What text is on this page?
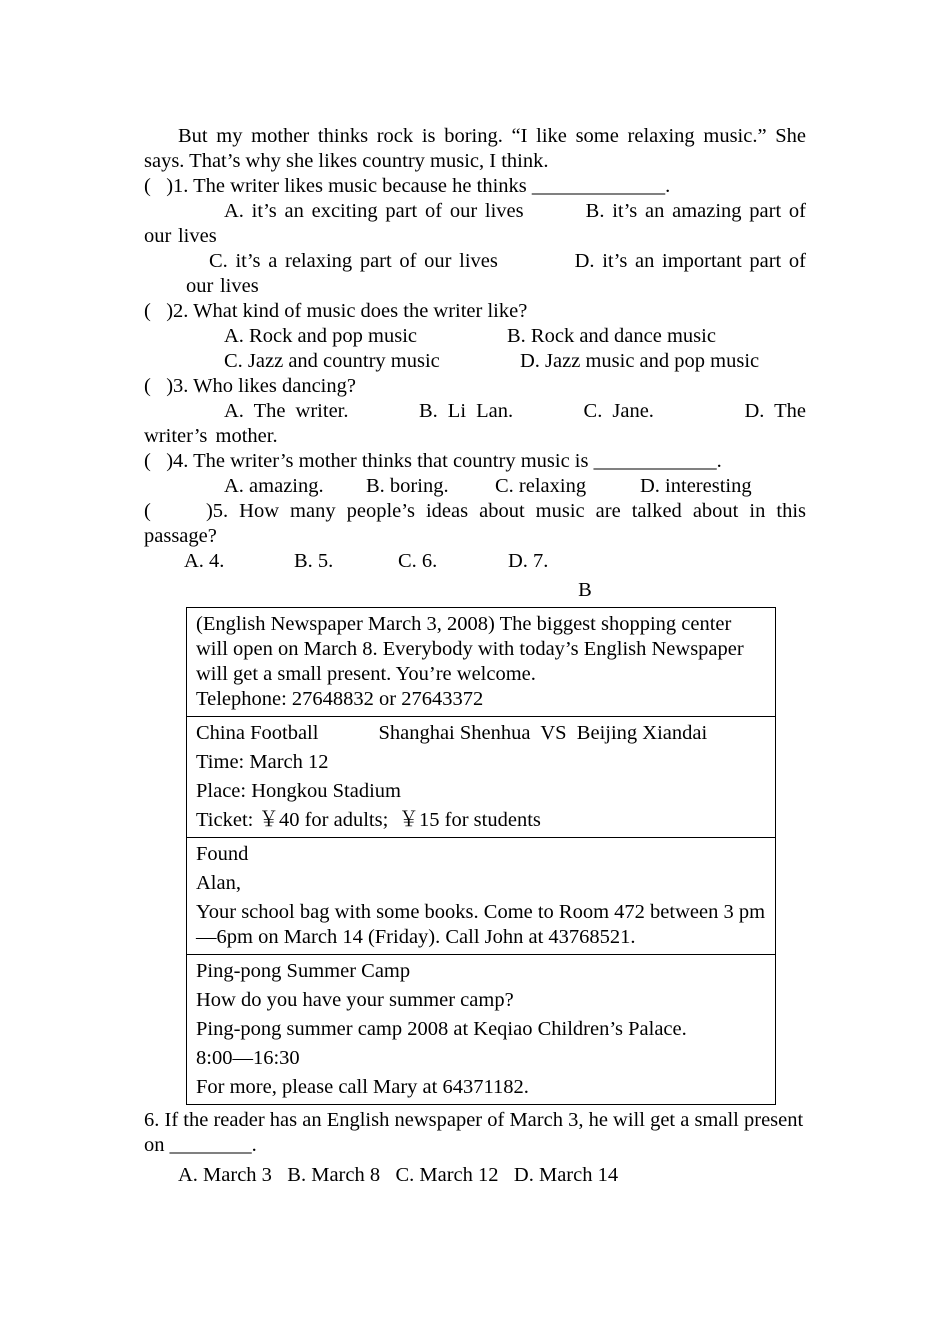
But my mother thinks rock is boring. “I like some relaxing music.” She says. That’s why she likes country music, I think.

(   )1. The writer likes music because he thinks _____________.

A. it’s an exciting part of our lives	B. it’s an amazing part of our lives

C. it’s a relaxing part of our lives	D. it’s an important part of our lives

(   )2. What kind of music does the writer like?

A. Rock and pop music	B. Rock and dance music
C. Jazz and country music	D. Jazz music and pop music

(   )3. Who likes dancing?

A. The writer.	B. Li Lan.	C. Jane.	D. The writer’s mother.

(   )4. The writer’s mother thinks that country music is ____________.

A. amazing.	B. boring.	C. relaxing	D. interesting

(     )5. How many people’s ideas about music are talked about in this passage?

A. 4.	B. 5.	C. 6.	D. 7.

B

(English Newspaper March 3, 2008) The biggest shopping center will open on March 8. Everybody with today’s English Newspaper will get a small present. You’re welcome.

Telephone: 27648832 or 27643372

China Football	Shanghai Shenhua  VS  Beijing Xiandai

Time: March 12

Place: Hongkou Stadium

Ticket: ￥40 for adults;  ￥15 for students

Found

Alan,

Your school bag with some books. Come to Room 472 between 3 pm—6pm on March 14 (Friday). Call John at 43768521.

Ping-pong Summer Camp

How do you have your summer camp?

Ping-pong summer camp 2008 at Keqiao Children’s Palace.

8:00—16:30

For more, please call Mary at 64371182.

6. If the reader has an English newspaper of March 3, he will get a small present on ________.

A. March 3   B. March 8   C. March 12   D. March 14
